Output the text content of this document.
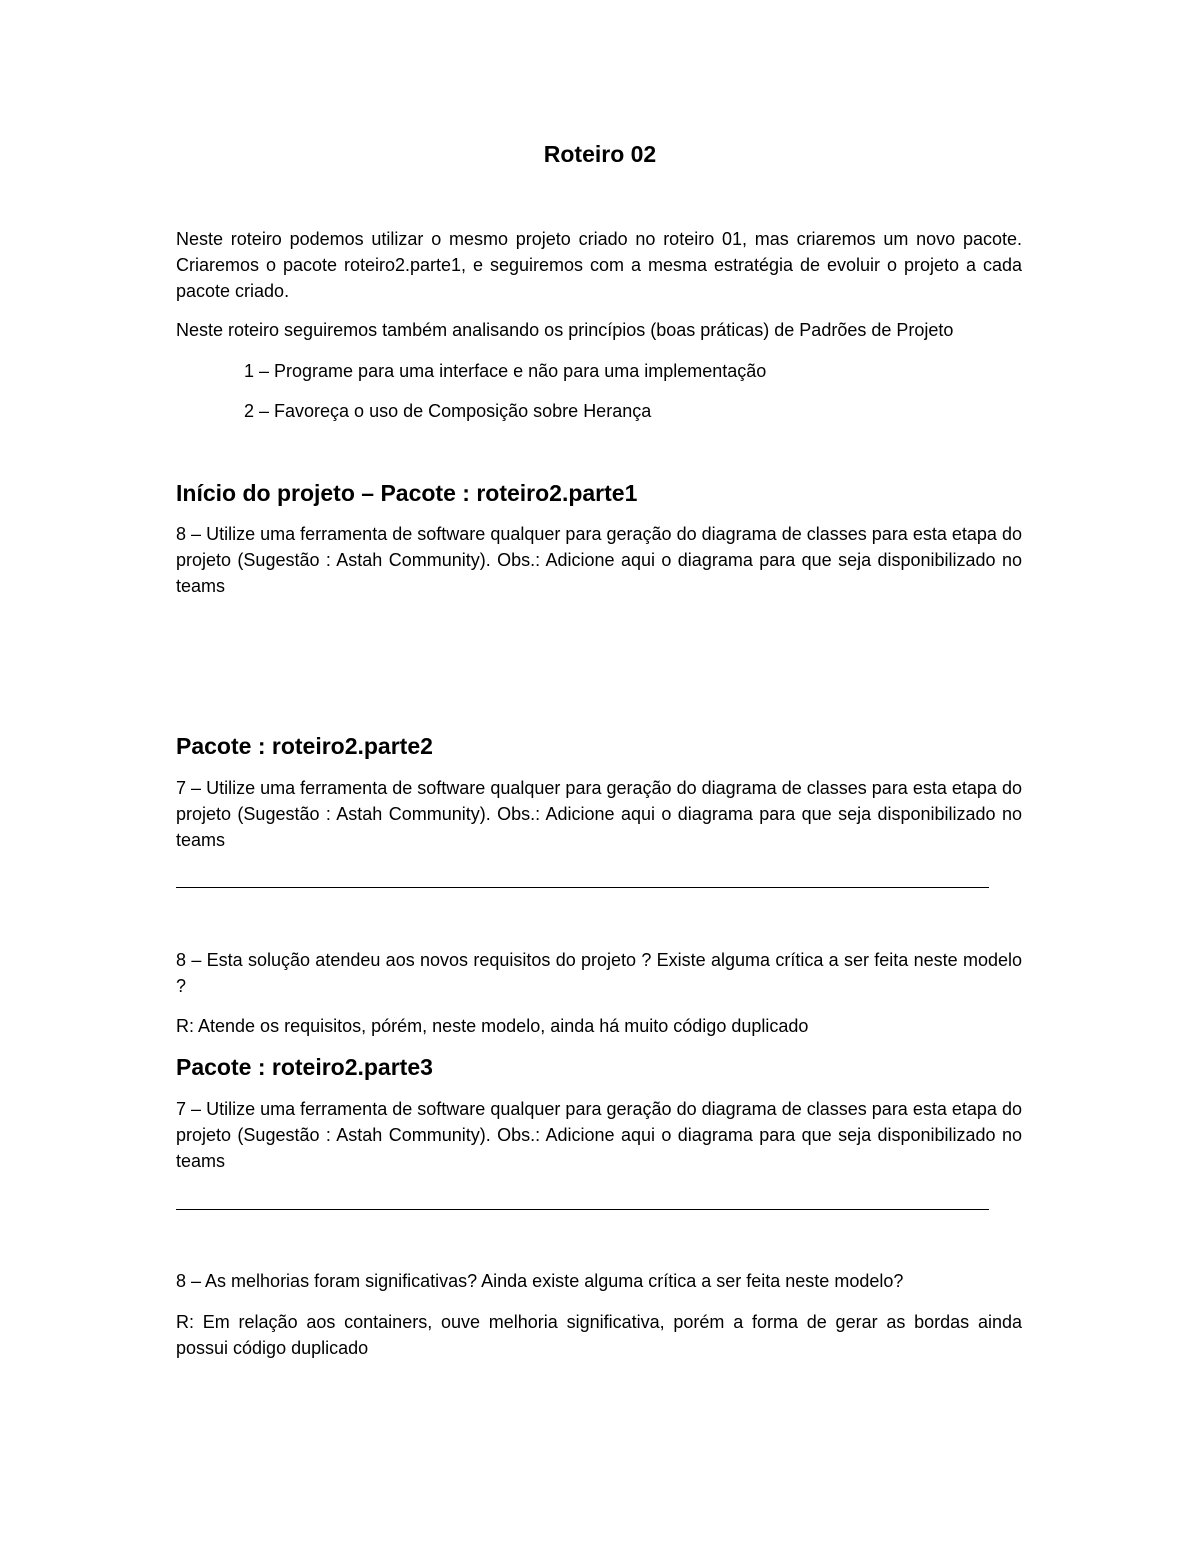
Roteiro 02

Neste roteiro podemos utilizar o mesmo projeto criado no roteiro 01, mas criaremos um novo pacote. Criaremos o pacote roteiro2.parte1, e seguiremos com a mesma estratégia de evoluir o projeto a cada pacote criado.

Neste roteiro seguiremos também analisando os princípios (boas práticas) de Padrões de Projeto

1 – Programe para uma interface e não para uma implementação
2 – Favoreça o uso de Composição sobre Herança
Início do projeto – Pacote : roteiro2.parte1

8 – Utilize uma ferramenta de software qualquer para geração do diagrama de classes para esta etapa do projeto (Sugestão : Astah Community). Obs.: Adicione aqui o diagrama para que seja disponibilizado no teams

Pacote : roteiro2.parte2

7 – Utilize uma ferramenta de software qualquer para geração do diagrama de classes para esta etapa do projeto (Sugestão : Astah Community). Obs.: Adicione aqui o diagrama para que seja disponibilizado no teams

8 – Esta solução atendeu aos novos requisitos do projeto ? Existe alguma crítica a ser feita neste modelo ?

R: Atende os requisitos, pórém, neste modelo, ainda há muito código duplicado

Pacote : roteiro2.parte3

7 – Utilize uma ferramenta de software qualquer para geração do diagrama de classes para esta etapa do projeto (Sugestão : Astah Community). Obs.: Adicione aqui o diagrama para que seja disponibilizado no teams

8 – As melhorias foram significativas? Ainda existe alguma crítica a ser feita neste modelo?

R: Em relação aos containers, ouve melhoria significativa, porém a forma de gerar as bordas ainda possui código duplicado
